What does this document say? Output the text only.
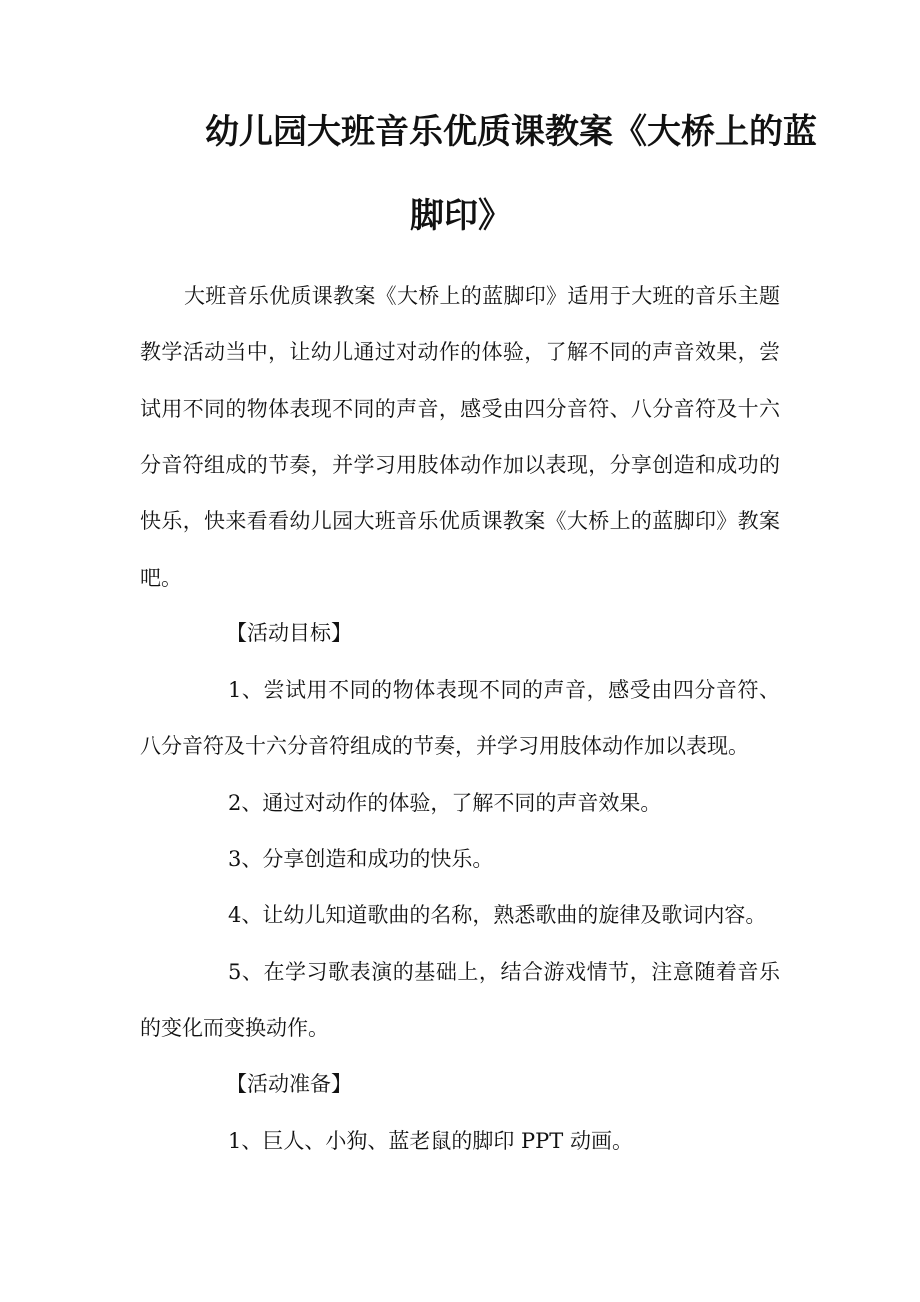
幼儿园大班音乐优质课教案《大桥上的蓝
脚印》
大班音乐优质课教案《大桥上的蓝脚印》适用于大班的音乐主题
教学活动当中，让幼儿通过对动作的体验，了解不同的声音效果，尝
试用不同的物体表现不同的声音，感受由四分音符、八分音符及十六
分音符组成的节奏，并学习用肢体动作加以表现，分享创造和成功的
快乐，快来看看幼儿园大班音乐优质课教案《大桥上的蓝脚印》教案
吧。
【活动目标】
1、尝试用不同的物体表现不同的声音，感受由四分音符、
八分音符及十六分音符组成的节奏，并学习用肢体动作加以表现。
2、通过对动作的体验，了解不同的声音效果。
3、分享创造和成功的快乐。
4、让幼儿知道歌曲的名称，熟悉歌曲的旋律及歌词内容。
5、在学习歌表演的基础上，结合游戏情节，注意随着音乐
的变化而变换动作。
【活动准备】
1、巨人、小狗、蓝老鼠的脚印 PPT 动画。
